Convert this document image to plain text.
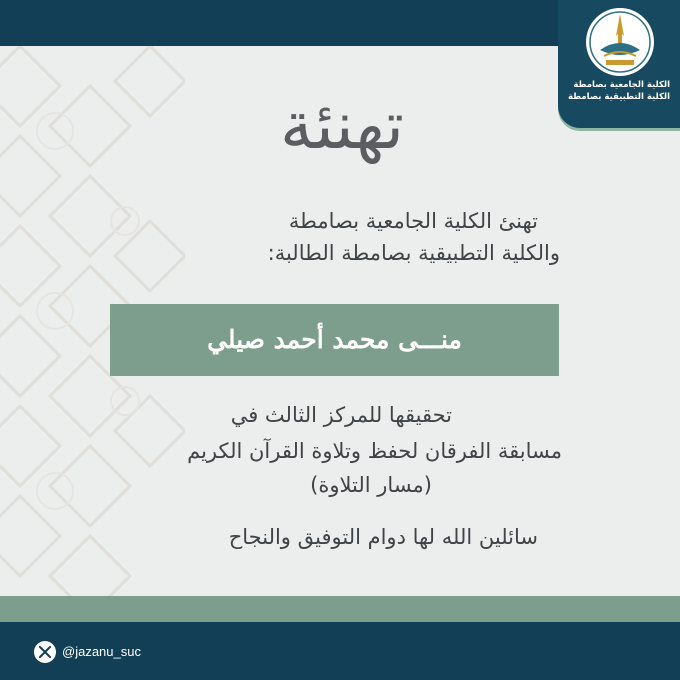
الكلية الجامعية بصامطة
الكلية التطبيقية بصامطة
تهنئة
تهنئ الكلية الجامعية بصامطة
والكلية التطبيقية بصامطة الطالبة:
منـــى محمد أحمد صيلي
تحقيقها للمركز الثالث في
مسابقة الفرقان لحفظ وتلاوة القرآن الكريم
(مسار التلاوة)
سائلين الله لها دوام التوفيق والنجاح
@jazanu_suc
